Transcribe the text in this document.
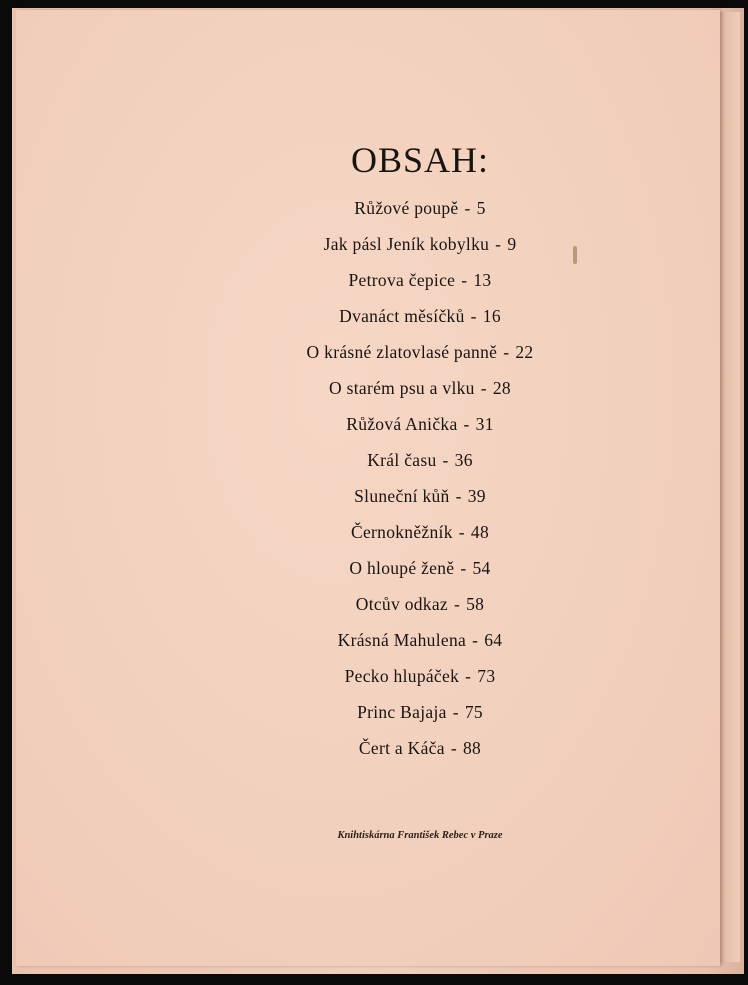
OBSAH:
Růžové poupě - 5
Jak pásl Jeník kobylku - 9
Petrova čepice - 13
Dvanáct měsíčků - 16
O krásné zlatovlasé panně - 22
O starém psu a vlku - 28
Růžová Anička - 31
Král času - 36
Sluneční kůň - 39
Černokněžník - 48
O hloupé ženě - 54
Otcův odkaz - 58
Krásná Mahulena - 64
Pecko hlupáček - 73
Princ Bajaja - 75
Čert a Káča - 88
Knihtiskárna František Rebec v Praze
